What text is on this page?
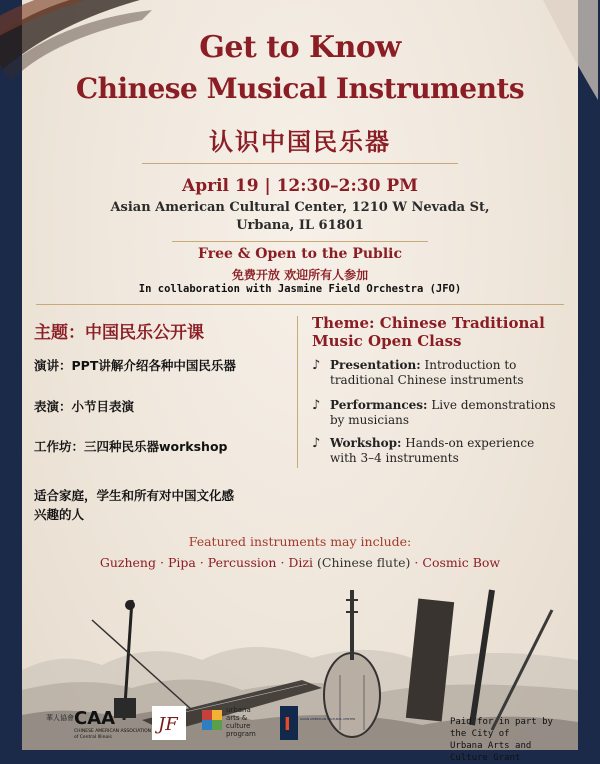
Get to Know
Chinese Musical Instruments
认识中国民乐器
April 19 | 12:30–2:30 PM
Asian American Cultural Center, 1210 W Nevada St,
Urbana, IL 61801
Free & Open to the Public
免费开放 欢迎所有人参加
In collaboration with Jasmine Field Orchestra (JFO)
主题：中国民乐公开课
演讲：PPT讲解介绍各种中国民乐器
表演：小节目表演
工作坊：三四种民乐器workshop
适合家庭，学生和所有对中国文化感
兴趣的人
Theme: Chinese Traditional
Music Open Class
♪ Presentation: Introduction to
traditional Chinese instruments
♪ Performances: Live demonstrations
by musicians
♪ Workshop: Hands-on experience
with 3–4 instruments
Featured instruments may include:
Guzheng · Pipa · Percussion · Dizi (Chinese flute) · Cosmic Bow
華人協會 CAA
CHINESE AMERICAN ASSOCIATION
of Central Illinois
JF
urbana
arts &
culture
program I	ASIAN AMERICAN CULTURAL CENTER	Paid for in part by the City of
Urbana Arts and Culture Grant
